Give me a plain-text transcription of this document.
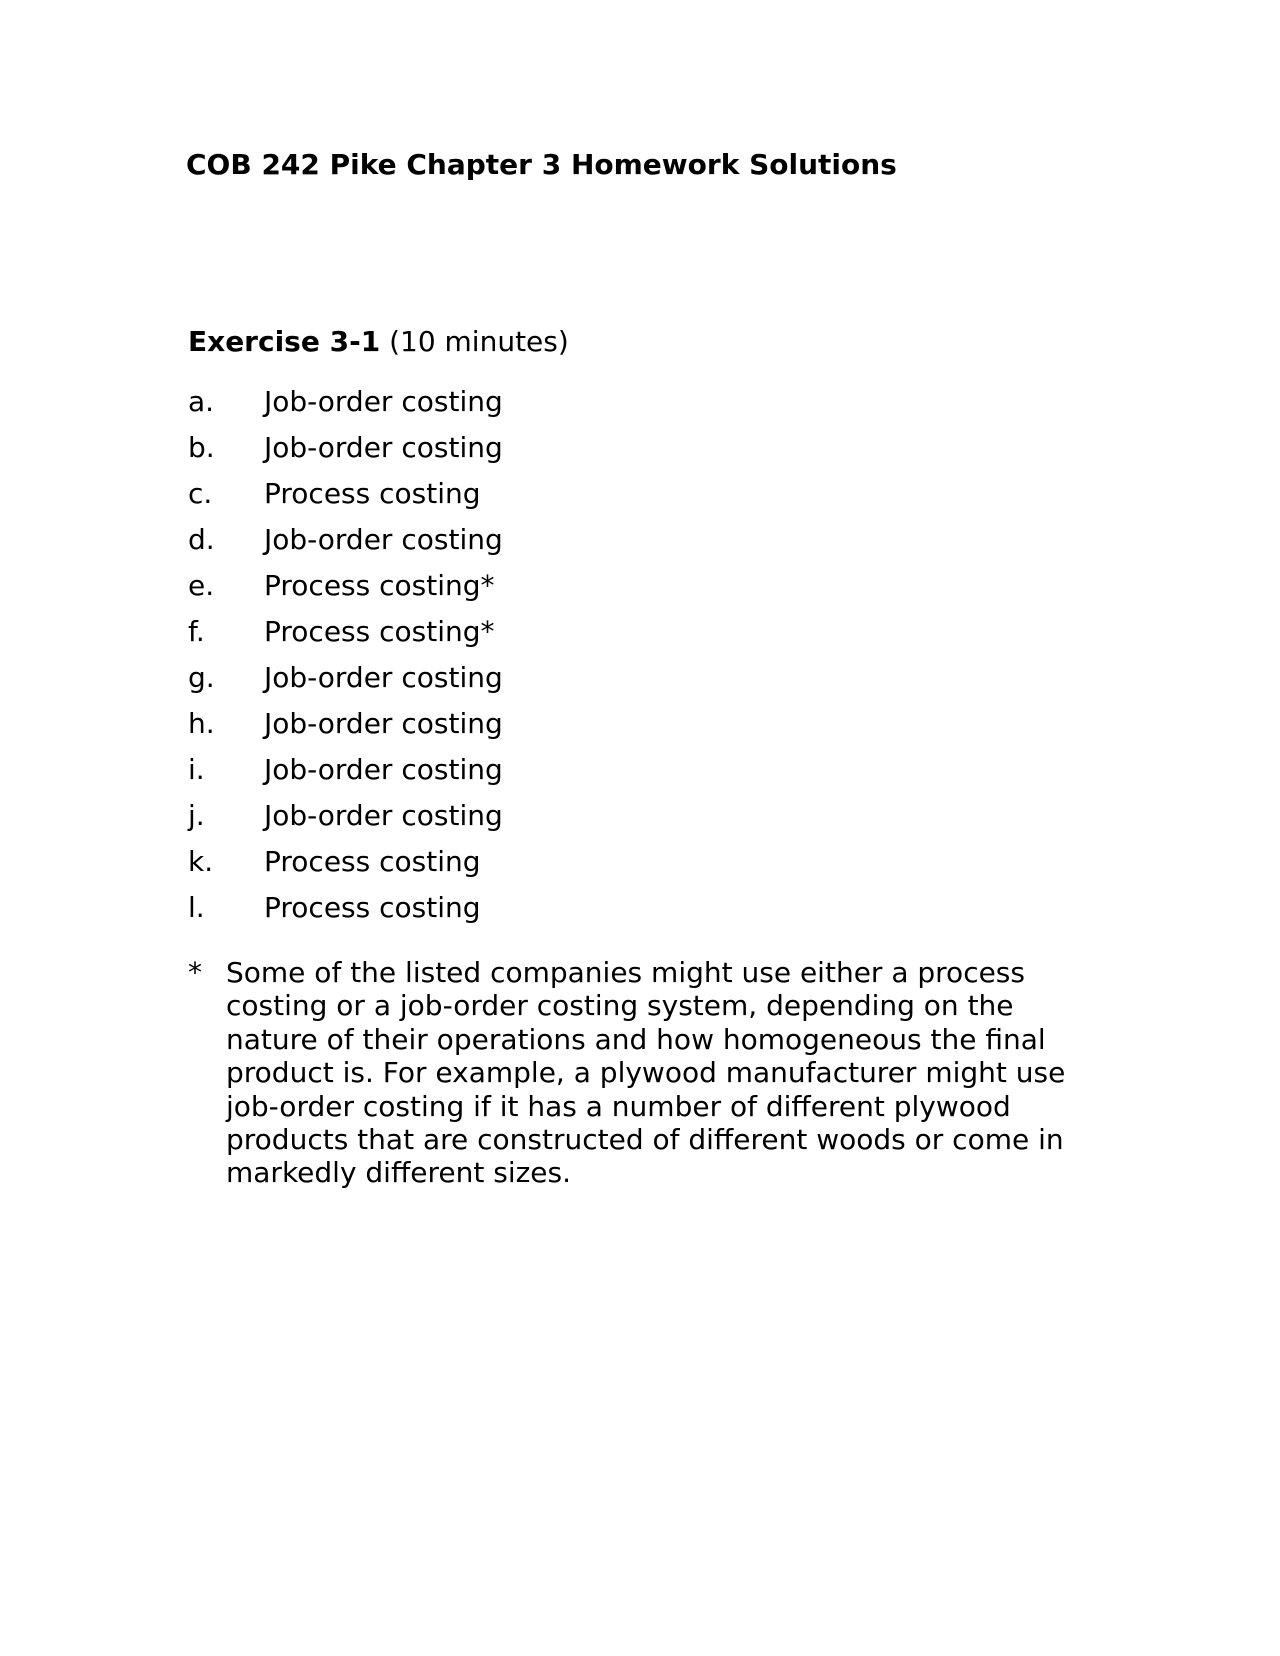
COB 242 Pike Chapter 3 Homework Solutions
Exercise 3-1 (10 minutes)
a. Job-order costing
b. Job-order costing
c. Process costing
d. Job-order costing
e. Process costing*
f. Process costing*
g. Job-order costing
h. Job-order costing
i. Job-order costing
j. Job-order costing
k. Process costing
l. Process costing
* Some of the listed companies might use either a process costing or a job-order costing system, depending on the nature of their operations and how homogeneous the final product is. For example, a plywood manufacturer might use job-order costing if it has a number of different plywood products that are constructed of different woods or come in markedly different sizes.
